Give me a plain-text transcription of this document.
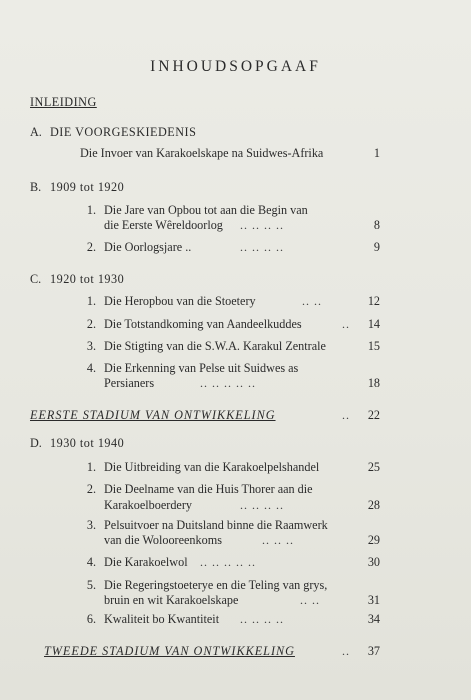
INHOUDSOPGAAF
INLEIDING
A. DIE VOORGESKIEDENIS
Die Invoer van Karakoelskape na Suidwes-Afrika	1
B. 1909 tot 1920
1. Die Jare van Opbou tot aan die Begin van
die Eerste Wêreldoorlog .. .. .. ..	8
2. Die Oorlogsjare ..	.. .. .. ..	9
C. 1920 tot 1930
1. Die Heropbou van die Stoetery	.. ..	12
2. Die Totstandkoming van Aandeelkuddes	..	14
3. Die Stigting van die S.W.A. Karakul Zentrale	15
4. Die Erkenning van Pelse uit Suidwes as
Persianers	.. .. .. .. ..	18
EERSTE STADIUM VAN ONTWIKKELING	..	22
D. 1930 tot 1940
1. Die Uitbreiding van die Karakoelpelshandel	25
2. Die Deelname van die Huis Thorer aan die
Karakoelboerdery	.. .. .. ..	28
3. Pelsuitvoer na Duitsland binne die Raamwerk
van die Wolooreenkoms	.. .. ..	29
4. Die Karakoelwol .. .. .. .. ..	30
5. Die Regeringstoeterye en die Teling van grys,
bruin en wit Karakoelskape	.. ..	31
6. Kwaliteit bo Kwantiteit .. .. .. ..	34
TWEEDE STADIUM VAN ONTWIKKELING	..	37
